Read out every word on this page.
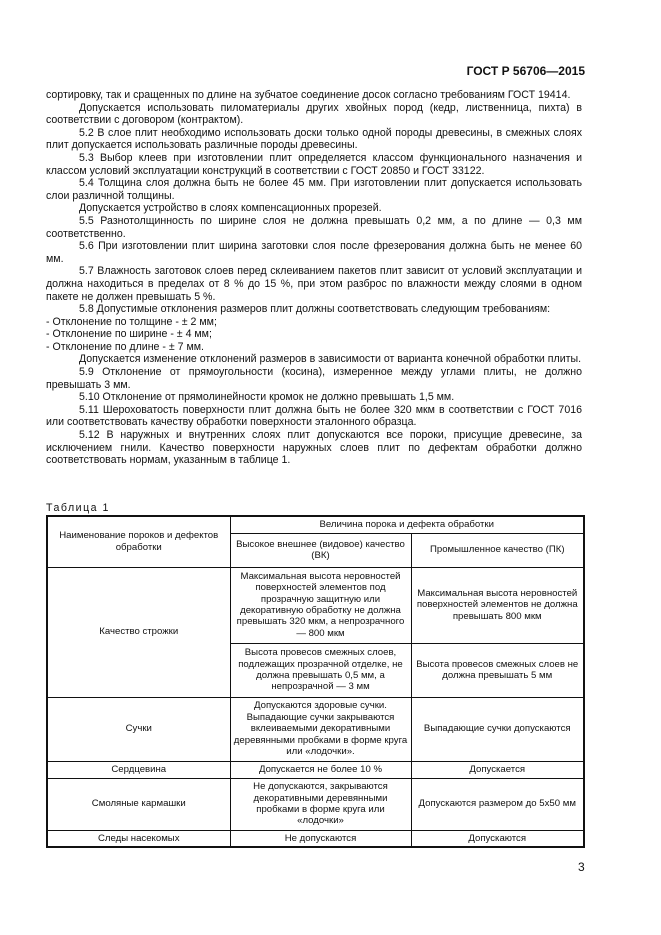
ГОСТ Р 56706—2015

сортировку, так и сращенных по длине на зубчатое соединение досок согласно требованиям ГОСТ 19414.

Допускается использовать пиломатериалы других хвойных пород (кедр, лиственница, пихта) в соответствии с договором (контрактом).

5.2 В слое плит необходимо использовать доски только одной породы древесины, в смежных слоях плит допускается использовать различные породы древесины.

5.3 Выбор клеев при изготовлении плит определяется классом функционального назначения и классом условий эксплуатации конструкций в соответствии с ГОСТ 20850 и ГОСТ 33122.

5.4 Толщина слоя должна быть не более 45 мм. При изготовлении плит допускается использовать слои различной толщины.

Допускается устройство в слоях компенсационных прорезей.

5.5 Разнотолщинность по ширине слоя не должна превышать 0,2 мм, а по длине — 0,3 мм соответственно.

5.6 При изготовлении плит ширина заготовки слоя после фрезерования должна быть не менее 60 мм.

5.7 Влажность заготовок слоев перед склеиванием пакетов плит зависит от условий эксплуатации и должна находиться в пределах от 8 % до 15 %, при этом разброс по влажности между слоями в одном пакете не должен превышать 5 %.

5.8 Допустимые отклонения размеров плит должны соответствовать следующим требованиям:

- Отклонение по толщине - ± 2 мм;

- Отклонение по ширине - ± 4 мм;

- Отклонение по длине - ± 7 мм.

Допускается изменение отклонений размеров в зависимости от варианта конечной обработки плиты.

5.9 Отклонение от прямоугольности (косина), измеренное между углами плиты, не должно превышать 3 мм.

5.10 Отклонение от прямолинейности кромок не должно превышать 1,5 мм.

5.11 Шероховатость поверхности плит должна быть не более 320 мкм в соответствии с ГОСТ 7016 или соответствовать качеству обработки поверхности эталонного образца.

5.12 В наружных и внутренних слоях плит допускаются все пороки, присущие древесине, за исключением гнили. Качество поверхности наружных слоев плит по дефектам обработки должно соответствовать нормам, указанным в таблице 1.

Таблица 1
Наименование пороков и дефектов обработки	Величина порока и дефекта обработки	
	Высокое внешнее (видовое) качество (ВК)	Промышленное качество (ПК)
Качество строжки	Максимальная высота неровностей поверхностей элементов под прозрачную защитную или декоративную обработку не должна превышать 320 мкм, а непрозрачного — 800 мкм	Максимальная высота неровностей поверхностей элементов не должна превышать 800 мкм
	Высота провесов смежных слоев, подлежащих прозрачной отделке, не должна превышать 0,5 мм, а непрозрачной — 3 мм	Высота провесов смежных слоев не должна превышать 5 мм
Сучки	Допускаются здоровые сучки. Выпадающие сучки закрываются вклеиваемыми декоративными деревянными пробками в форме круга или «лодочки».	Выпадающие сучки допускаются
Сердцевина	Допускается не более 10 %	Допускается
Смоляные кармашки	Не допускаются, закрываются декоративными деревянными пробками в форме круга или «лодочки»	Допускаются размером до 5х50 мм
Следы насекомых	Не допускаются	Допускаются
3
